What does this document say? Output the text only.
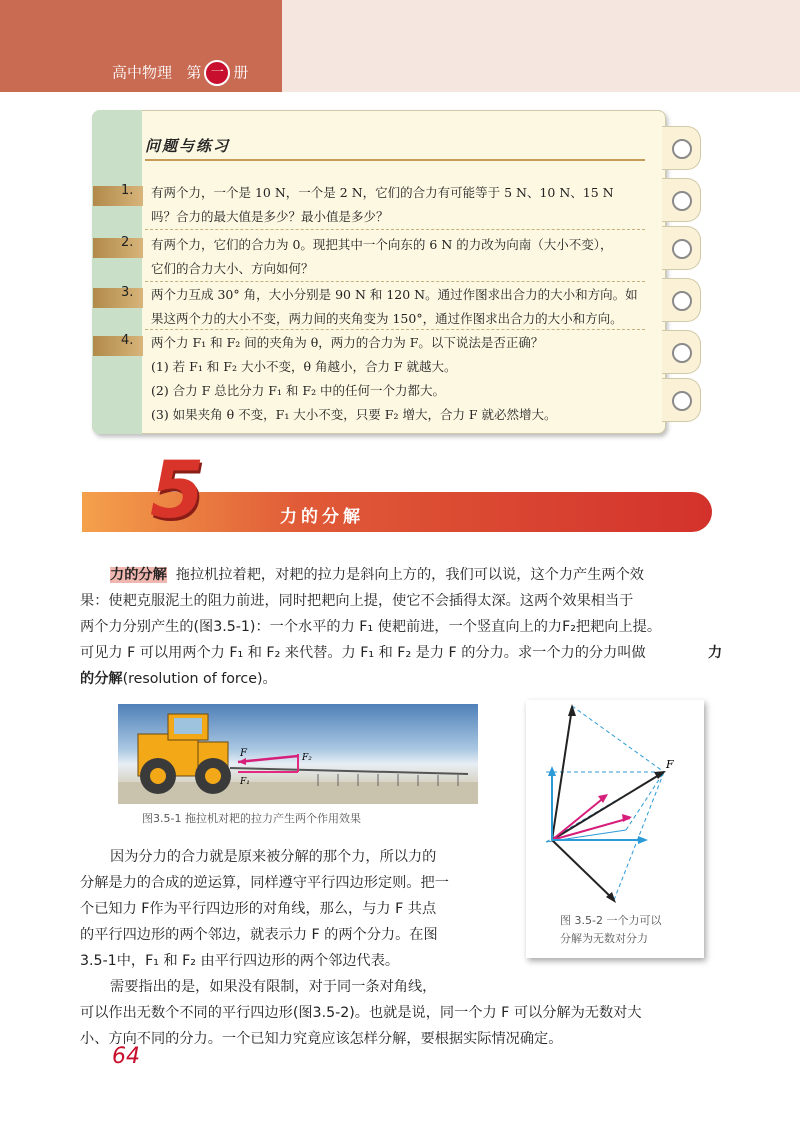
高中物理 第 一 册
问题与练习
1. 有两个力，一个是 10 N，一个是 2 N，它们的合力有可能等于 5 N、10 N、15 N
吗？合力的最大值是多少？最小值是多少？
2. 有两个力，它们的合力为 0。现把其中一个向东的 6 N 的力改为向南（大小不变），
它们的合力大小、方向如何？
3. 两个力互成 30° 角，大小分别是 90 N 和 120 N。通过作图求出合力的大小和方向。如
果这两个力的大小不变，两力间的夹角变为 150°，通过作图求出合力的大小和方向。
4. 两个力 F₁ 和 F₂ 间的夹角为 θ，两力的合力为 F。以下说法是否正确？
(1) 若 F₁ 和 F₂ 大小不变，θ 角越小，合力 F 就越大。
(2) 合力 F 总比分力 F₁ 和 F₂ 中的任何一个力都大。
(3) 如果夹角 θ 不变，F₁ 大小不变，只要 F₂ 增大，合力 F 就必然增大。
5	力的分解
力的分解 拖拉机拉着耙，对耙的拉力是斜向上方的，我们可以说，这个力产生两个效
果：使耙克服泥土的阻力前进，同时把耙向上提，使它不会插得太深。这两个效果相当于
两个力分别产生的(图3.5-1)：一个水平的力 F₁ 使耙前进，一个竖直向上的力F₂把耙向上提。
可见力 F 可以用两个力 F₁ 和 F₂ 来代替。力 F₁ 和 F₂ 是力 F 的分力。求一个力的分力叫做	力
的分解(resolution of force)。
F	F₂
F₁
图3.5-1 拖拉机对耙的拉力产生两个作用效果
F
图 3.5-2 一个力可以
分解为无数对分力
因为分力的合力就是原来被分解的那个力，所以力的
分解是力的合成的逆运算，同样遵守平行四边形定则。把一
个已知力 F作为平行四边形的对角线，那么，与力 F 共点
的平行四边形的两个邻边，就表示力 F 的两个分力。在图
3.5-1中，F₁ 和 F₂ 由平行四边形的两个邻边代表。
需要指出的是，如果没有限制，对于同一条对角线，
可以作出无数个不同的平行四边形(图3.5-2)。也就是说，同一个力 F 可以分解为无数对大
小、方向不同的分力。一个已知力究竟应该怎样分解，要根据实际情况确定。
64
